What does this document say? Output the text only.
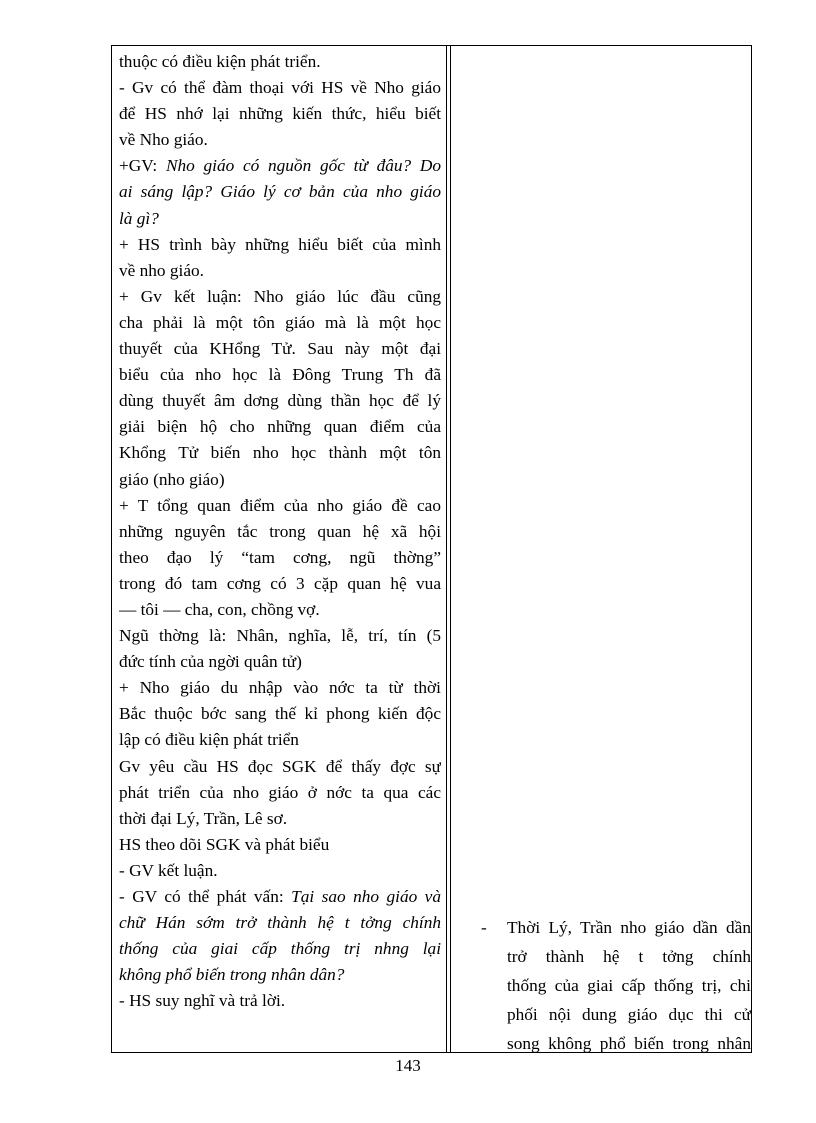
thuộc có điều kiện phát triển.
- Gv có thể đàm thoại với HS về Nho giáo
để HS nhớ lại những kiến thức, hiểu biết
về Nho giáo.
+GV: Nho giáo có nguồn gốc từ đâu? Do
ai sáng lập? Giáo lý cơ bản của nho giáo
là gì?
+ HS trình bày những hiểu biết của mình
về nho giáo.
+ Gv kết luận: Nho giáo lúc đầu cũng
cha phải là một tôn giáo mà là một học
thuyết của KHổng Tử. Sau này một đại
biểu của nho học là Đông Trung Th đã
dùng thuyết âm dơng dùng thần học để lý
giải biện hộ cho những quan điểm của
Khổng Tử biến nho học thành một tôn
giáo (nho giáo)
+ T tổng quan điểm của nho giáo đề cao
những nguyên tắc trong quan hệ xã hội
theo đạo lý “tam cơng, ngũ thờng”
trong đó tam cơng có 3 cặp quan hệ vua
— tôi — cha, con, chồng vợ.
Ngũ thờng là: Nhân, nghĩa, lễ, trí, tín (5
đức tính của ngời quân tử)
+ Nho giáo du nhập vào nớc ta từ thời
Bắc thuộc bớc sang thế kỉ phong kiến độc
lập có điều kiện phát triển
Gv yêu cầu HS đọc SGK để thấy đợc sự
phát triển của nho giáo ở nớc ta qua các
thời đại Lý, Trần, Lê sơ.
HS theo dõi SGK và phát biểu
- GV kết luận.
- GV có thể phát vấn: Tại sao nho giáo và
chữ Hán sớm trở thành hệ t tởng chính
thống của giai cấp thống trị nhng lại
không phổ biến trong nhân dân?
- HS suy nghĩ và trả lời.
-	Thời Lý, Trần nho giáo dần dần
trở thành hệ t tởng chính
thống của giai cấp thống trị, chi
phối nội dung giáo dục thi cử
song không phổ biến trong nhân
143
